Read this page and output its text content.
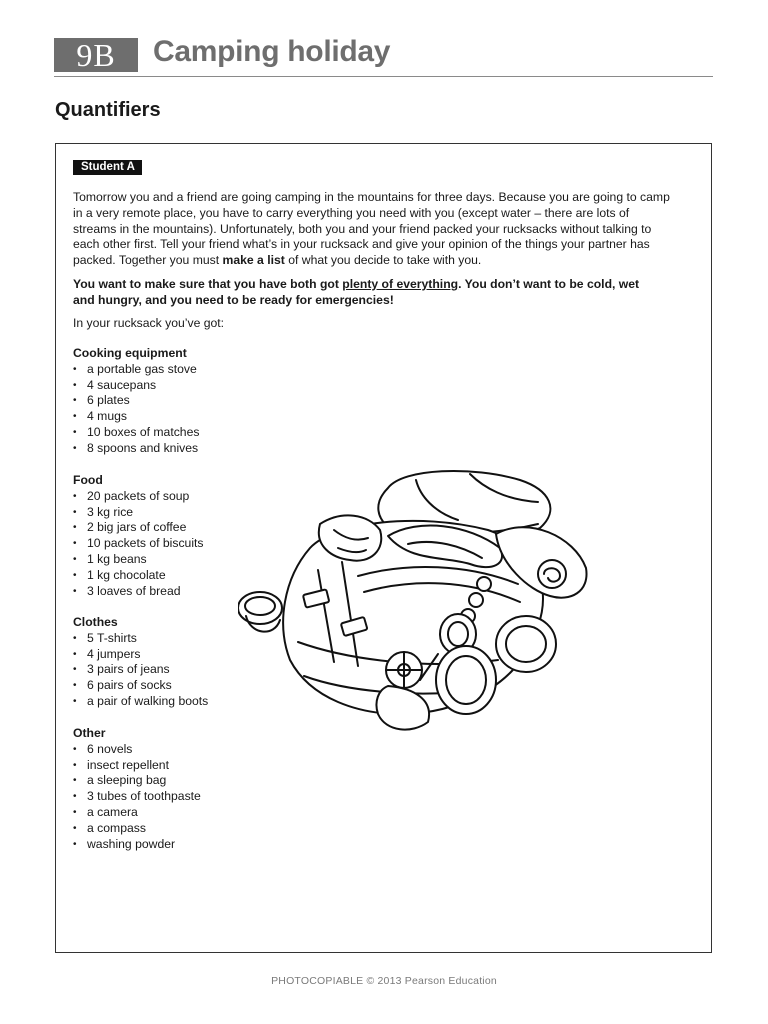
9B	Camping holiday
Quantifiers
Student A
Tomorrow you and a friend are going camping in the mountains for three days. Because you are going to camp in a very remote place, you have to carry everything you need with you (except water – there are lots of streams in the mountains). Unfortunately, both you and your friend packed your rucksacks without talking to each other first. Tell your friend what’s in your rucksack and give your opinion of the things your partner has packed. Together you must make a list of what you decide to take with you.
You want to make sure that you have both got plenty of everything. You don’t want to be cold, wet and hungry, and you need to be ready for emergencies!
In your rucksack you’ve got:

Cooking equipment

• a portable gas stove
• 4 saucepans
• 6 plates
• 4 mugs
• 10 boxes of matches
• 8 spoons and knives

Food

• 20 packets of soup
• 3 kg rice
• 2 big jars of coffee
• 10 packets of biscuits
• 1 kg beans
• 1 kg chocolate
• 3 loaves of bread

Clothes

• 5 T-shirts
• 4 jumpers
• 3 pairs of jeans
• 6 pairs of socks
• a pair of walking boots

Other

• 6 novels
• insect repellent
• a sleeping bag
• 3 tubes of toothpaste
• a camera
• a compass
• washing powder
PHOTOCOPIABLE © 2013 Pearson Education
